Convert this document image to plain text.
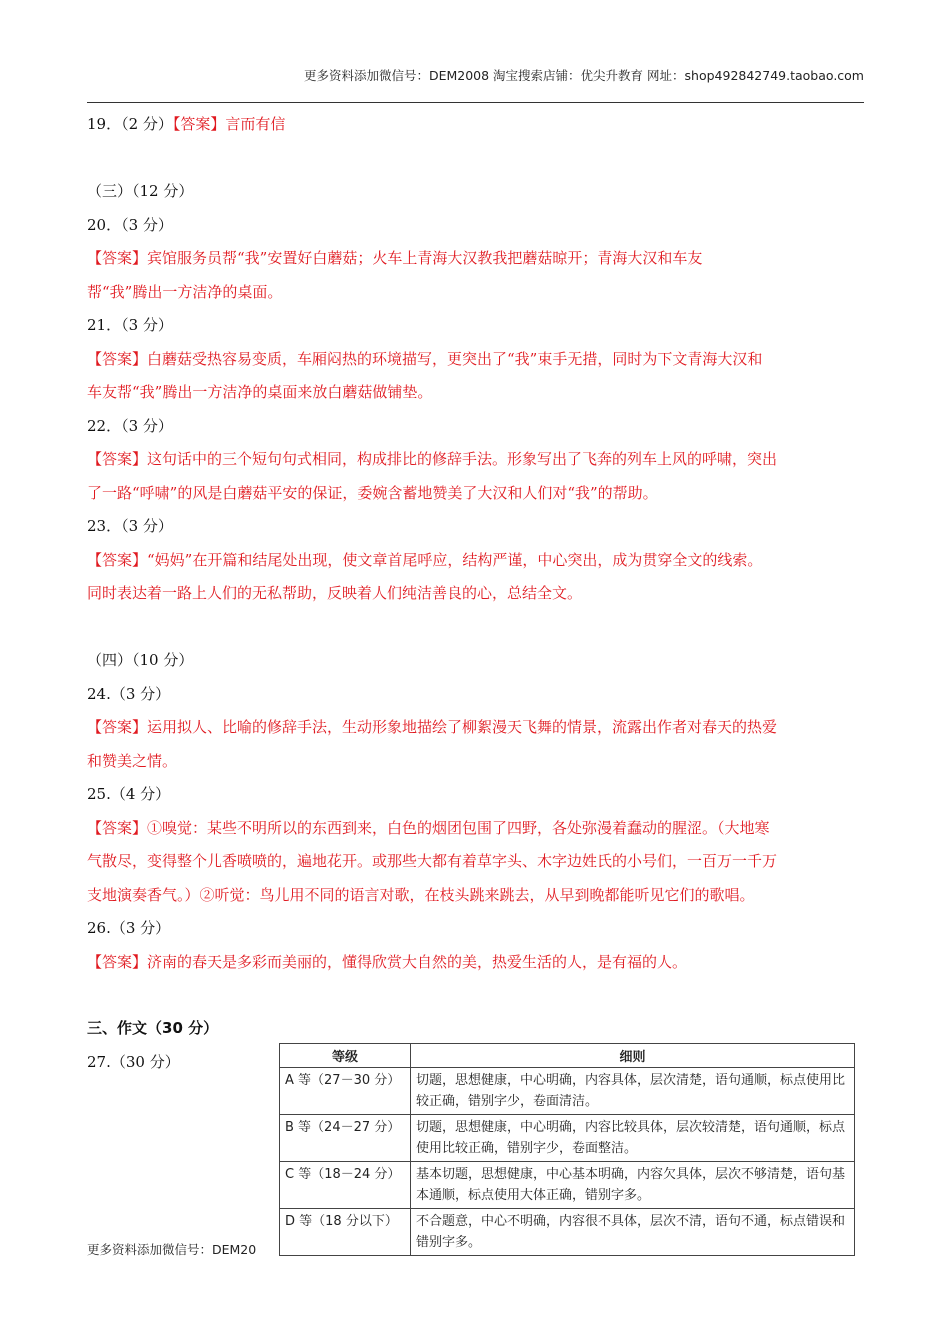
更多资料添加微信号：DEM2008 淘宝搜索店铺：优尖升教育 网址：shop492842749.taobao.com
19．（2 分）【答案】言而有信
（三）（12 分）
20．（3 分）
【答案】宾馆服务员帮“我”安置好白蘑菇；火车上青海大汉教我把蘑菇晾开；青海大汉和车友
帮“我”腾出一方洁净的桌面。
21．（3 分）
【答案】白蘑菇受热容易变质，车厢闷热的环境描写，更突出了“我”束手无措，同时为下文青海大汉和
车友帮“我”腾出一方洁净的桌面来放白蘑菇做铺垫。
22．（3 分）
【答案】这句话中的三个短句句式相同，构成排比的修辞手法。形象写出了飞奔的列车上风的呼啸，突出
了一路“呼啸”的风是白蘑菇平安的保证，委婉含蓄地赞美了大汉和人们对“我”的帮助。
23．（3 分）
【答案】“妈妈”在开篇和结尾处出现，使文章首尾呼应，结构严谨，中心突出，成为贯穿全文的线索。
同时表达着一路上人们的无私帮助，反映着人们纯洁善良的心，总结全文。
（四）（10 分）
24.（3 分）
【答案】运用拟人、比喻的修辞手法，生动形象地描绘了柳絮漫天飞舞的情景，流露出作者对春天的热爱
和赞美之情。
25.（4 分）
【答案】①嗅觉：某些不明所以的东西到来，白色的烟团包围了四野，各处弥漫着蠢动的腥涩。（大地寒
气散尽，变得整个儿香喷喷的，遍地花开。或那些大都有着草字头、木字边姓氏的小号们，一百万一千万
支地演奏香气。）②听觉：鸟儿用不同的语言对歌，在枝头跳来跳去，从早到晚都能听见它们的歌唱。
26.（3 分）
【答案】济南的春天是多彩而美丽的，懂得欣赏大自然的美，热爱生活的人，是有福的人。
三、作文（30 分）
27.（30 分）	等级	细则
A 等（27－30 分）	切题，思想健康，中心明确，内容具体，层次清楚，语句通顺，标点使用比较正确，错别字少，卷面清洁。
B 等（24－27 分）	切题，思想健康，中心明确，内容比较具体，层次较清楚，语句通顺，标点使用比较正确，错别字少，卷面整洁。
C 等（18－24 分）	基本切题，思想健康，中心基本明确，内容欠具体，层次不够清楚，语句基本通顺，标点使用大体正确，错别字多。
D 等（18 分以下）	不合题意，中心不明确，内容很不具体，层次不清，语句不通，标点错误和错别字多。
更多资料添加微信号：DEM20
